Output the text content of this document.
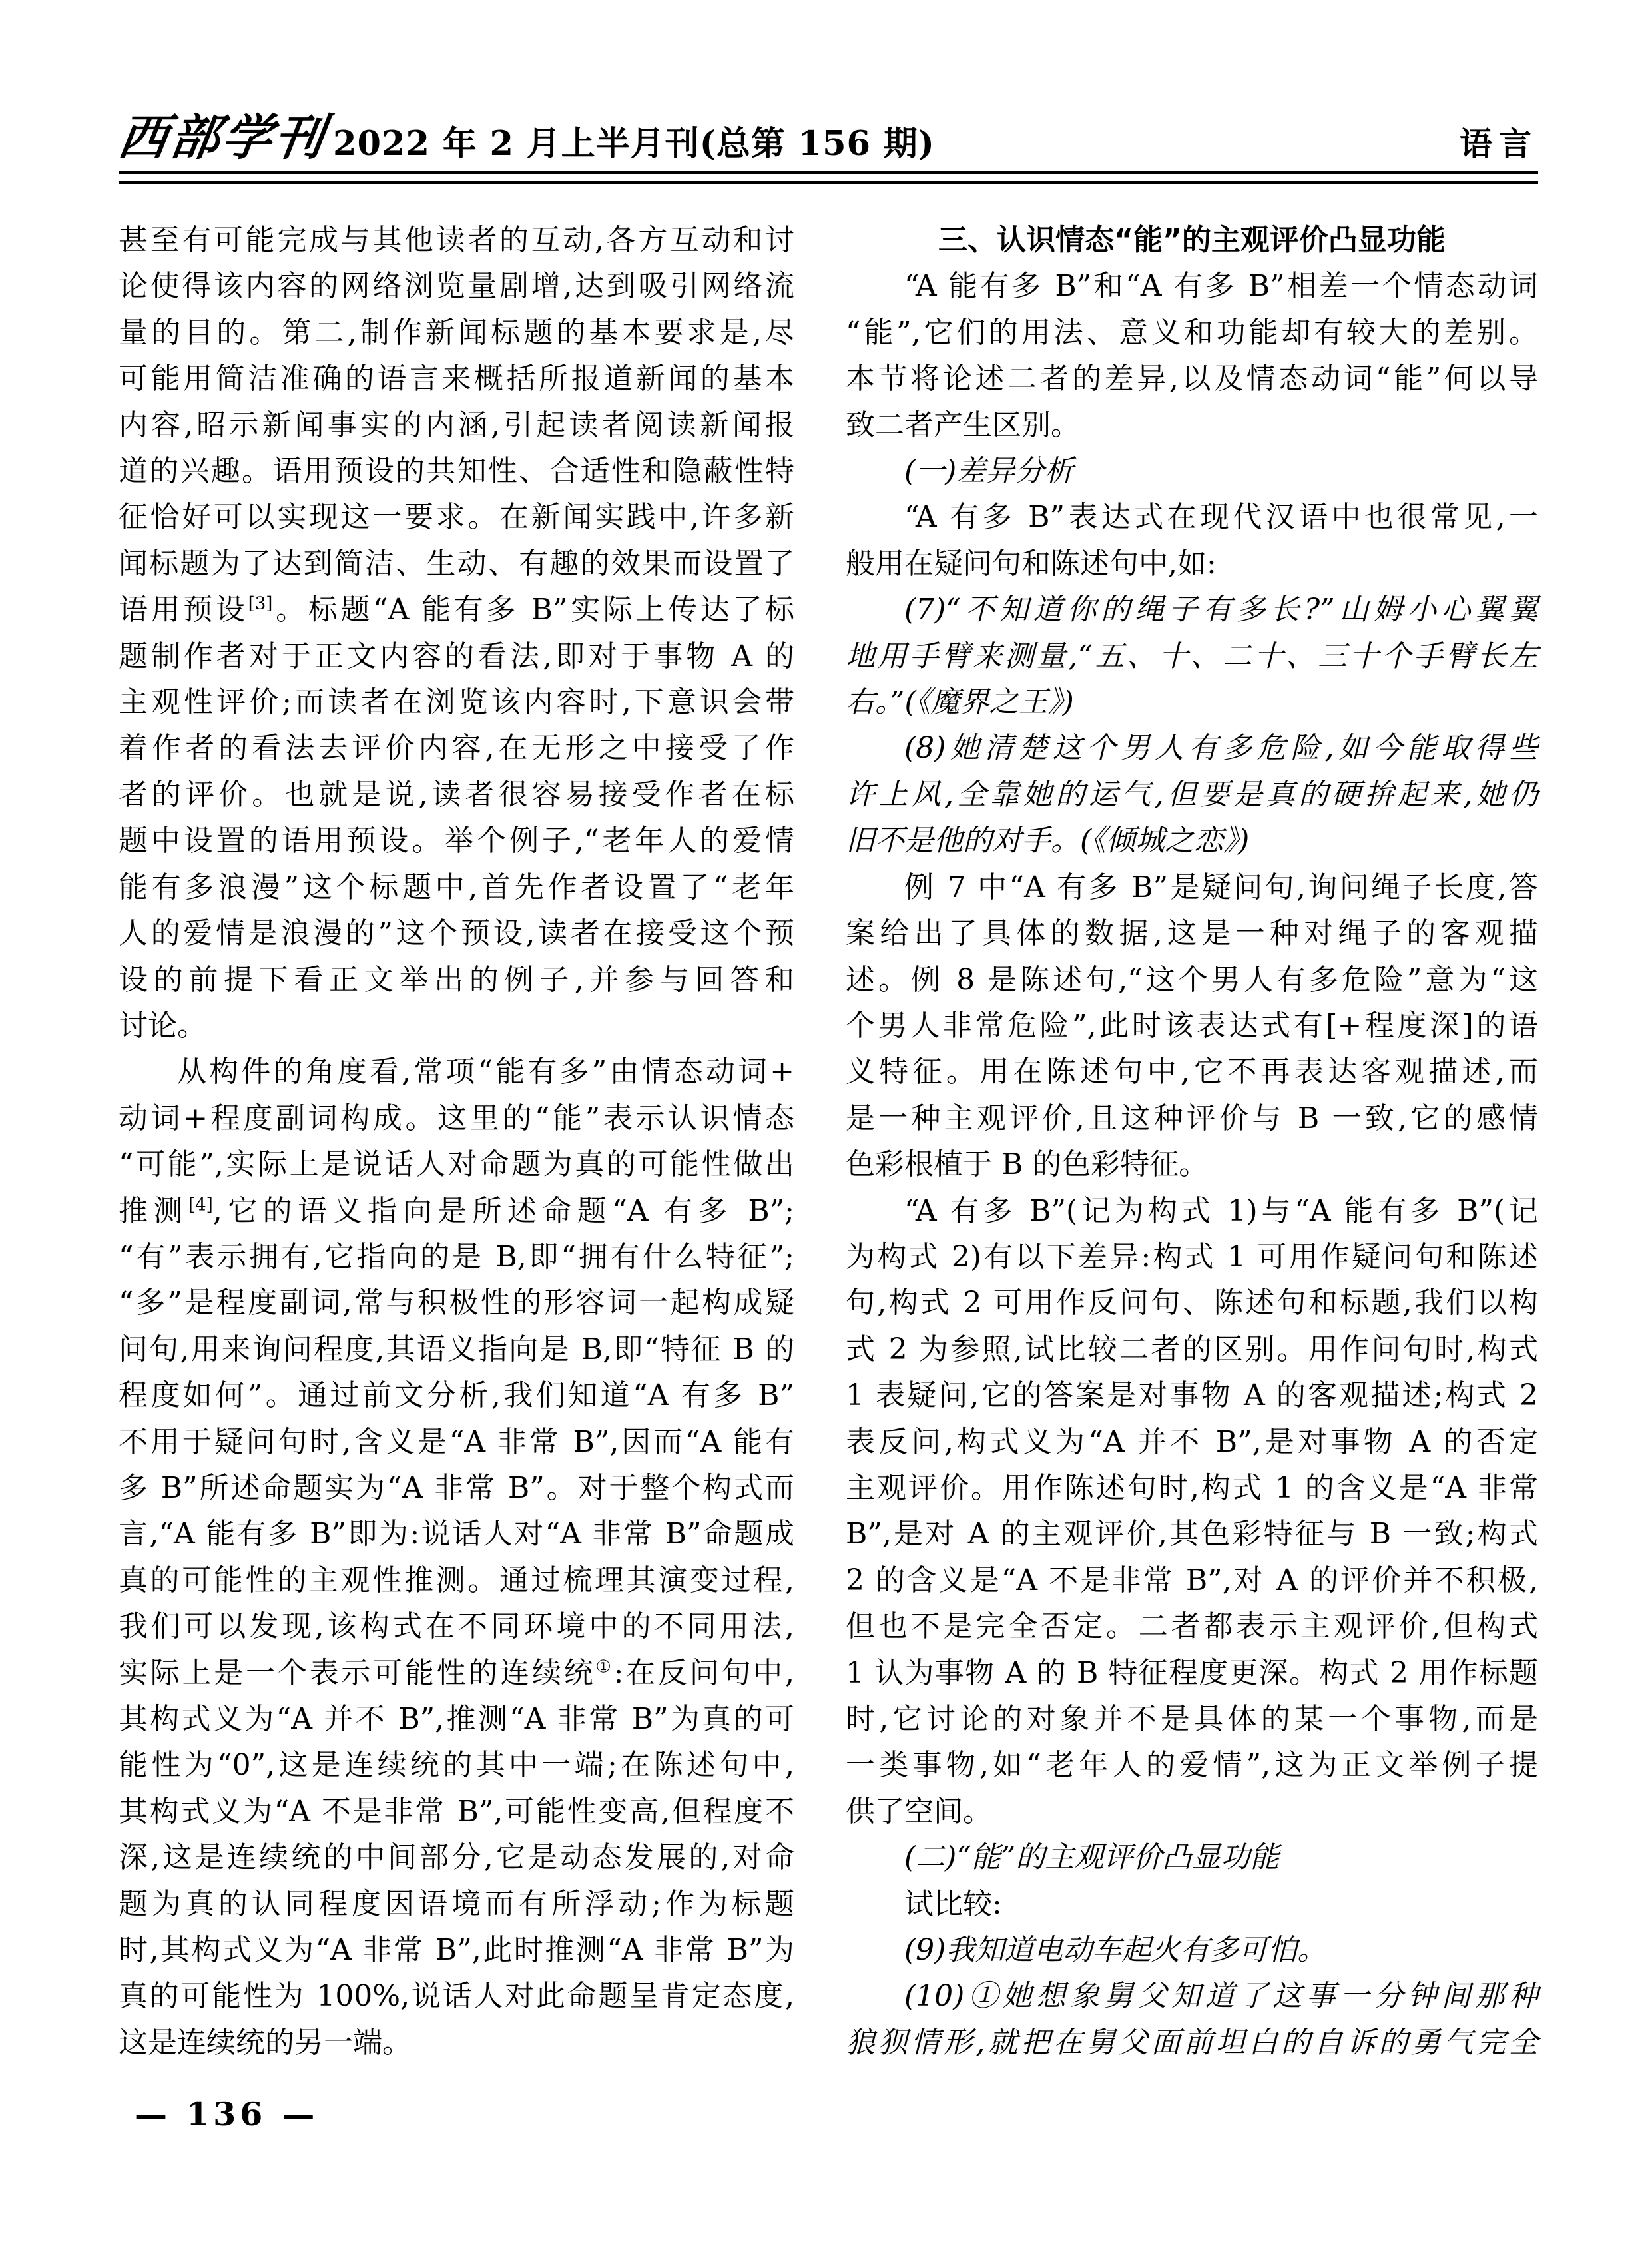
西部学刊 2022 年 2 月上半月刊(总第 156 期)	语言
甚至有可能完成与其他读者的互动,各方互动和讨
论使得该内容的网络浏览量剧增,达到吸引网络流
量的目的。第二,制作新闻标题的基本要求是,尽
可能用简洁准确的语言来概括所报道新闻的基本
内容,昭示新闻事实的内涵,引起读者阅读新闻报
道的兴趣。语用预设的共知性、合适性和隐蔽性特
征恰好可以实现这一要求。在新闻实践中,许多新
闻标题为了达到简洁、生动、有趣的效果而设置了
语用预设[3]。标题“A 能有多 B”实际上传达了标
题制作者对于正文内容的看法,即对于事物 A 的
主观性评价;而读者在浏览该内容时,下意识会带
着作者的看法去评价内容,在无形之中接受了作
者的评价。也就是说,读者很容易接受作者在标
题中设置的语用预设。举个例子,“老年人的爱情
能有多浪漫”这个标题中,首先作者设置了“老年
人的爱情是浪漫的”这个预设,读者在接受这个预
设的前提下看正文举出的例子,并参与回答和
讨论。
从构件的角度看,常项“能有多”由情态动词+
动词+程度副词构成。这里的“能”表示认识情态
“可能”,实际上是说话人对命题为真的可能性做出
推测[4],它的语义指向是所述命题“A 有多 B”;
“有”表示拥有,它指向的是 B,即“拥有什么特征”;
“多”是程度副词,常与积极性的形容词一起构成疑
问句,用来询问程度,其语义指向是 B,即“特征 B 的
程度如何”。通过前文分析,我们知道“A 有多 B”
不用于疑问句时,含义是“A 非常 B”,因而“A 能有
多 B”所述命题实为“A 非常 B”。对于整个构式而
言,“A 能有多 B”即为:说话人对“A 非常 B”命题成
真的可能性的主观性推测。通过梳理其演变过程,
我们可以发现,该构式在不同环境中的不同用法,
实际上是一个表示可能性的连续统①:在反问句中,
其构式义为“A 并不 B”,推测“A 非常 B”为真的可
能性为“0”,这是连续统的其中一端;在陈述句中,
其构式义为“A 不是非常 B”,可能性变高,但程度不
深,这是连续统的中间部分,它是动态发展的,对命
题为真的认同程度因语境而有所浮动;作为标题
时,其构式义为“A 非常 B”,此时推测“A 非常 B”为
真的可能性为 100%,说话人对此命题呈肯定态度,
这是连续统的另一端。
三、认识情态“能”的主观评价凸显功能
“A 能有多 B”和“A 有多 B”相差一个情态动词
“能”,它们的用法、意义和功能却有较大的差别。
本节将论述二者的差异,以及情态动词“能”何以导
致二者产生区别。
(一)差异分析
“A 有多 B”表达式在现代汉语中也很常见,一
般用在疑问句和陈述句中,如:
(7)“不知道你的绳子有多长?”山姆小心翼翼
地用手臂来测量,“五、十、二十、三十个手臂长左
右。”(《魔界之王》)
(8)她清楚这个男人有多危险,如今能取得些
许上风,全靠她的运气,但要是真的硬拚起来,她仍
旧不是他的对手。(《倾城之恋》)
例 7 中“A 有多 B”是疑问句,询问绳子长度,答
案给出了具体的数据,这是一种对绳子的客观描
述。例 8 是陈述句,“这个男人有多危险”意为“这
个男人非常危险”,此时该表达式有[+程度深]的语
义特征。用在陈述句中,它不再表达客观描述,而
是一种主观评价,且这种评价与 B 一致,它的感情
色彩根植于 B 的色彩特征。
“A 有多 B”(记为构式 1)与“A 能有多 B”(记
为构式 2)有以下差异:构式 1 可用作疑问句和陈述
句,构式 2 可用作反问句、陈述句和标题,我们以构
式 2 为参照,试比较二者的区别。用作问句时,构式
1 表疑问,它的答案是对事物 A 的客观描述;构式 2
表反问,构式义为“A 并不 B”,是对事物 A 的否定
主观评价。用作陈述句时,构式 1 的含义是“A 非常
B”,是对 A 的主观评价,其色彩特征与 B 一致;构式
2 的含义是“A 不是非常 B”,对 A 的评价并不积极,
但也不是完全否定。二者都表示主观评价,但构式
1 认为事物 A 的 B 特征程度更深。构式 2 用作标题
时,它讨论的对象并不是具体的某一个事物,而是
一类事物,如“老年人的爱情”,这为正文举例子提
供了空间。
(二)“能”的主观评价凸显功能
试比较:
(9)我知道电动车起火有多可怕。
(10)①她想象舅父知道了这事一分钟间那种
狼狈情形,就把在舅父面前坦白的自诉的勇气完全
— 136 —
